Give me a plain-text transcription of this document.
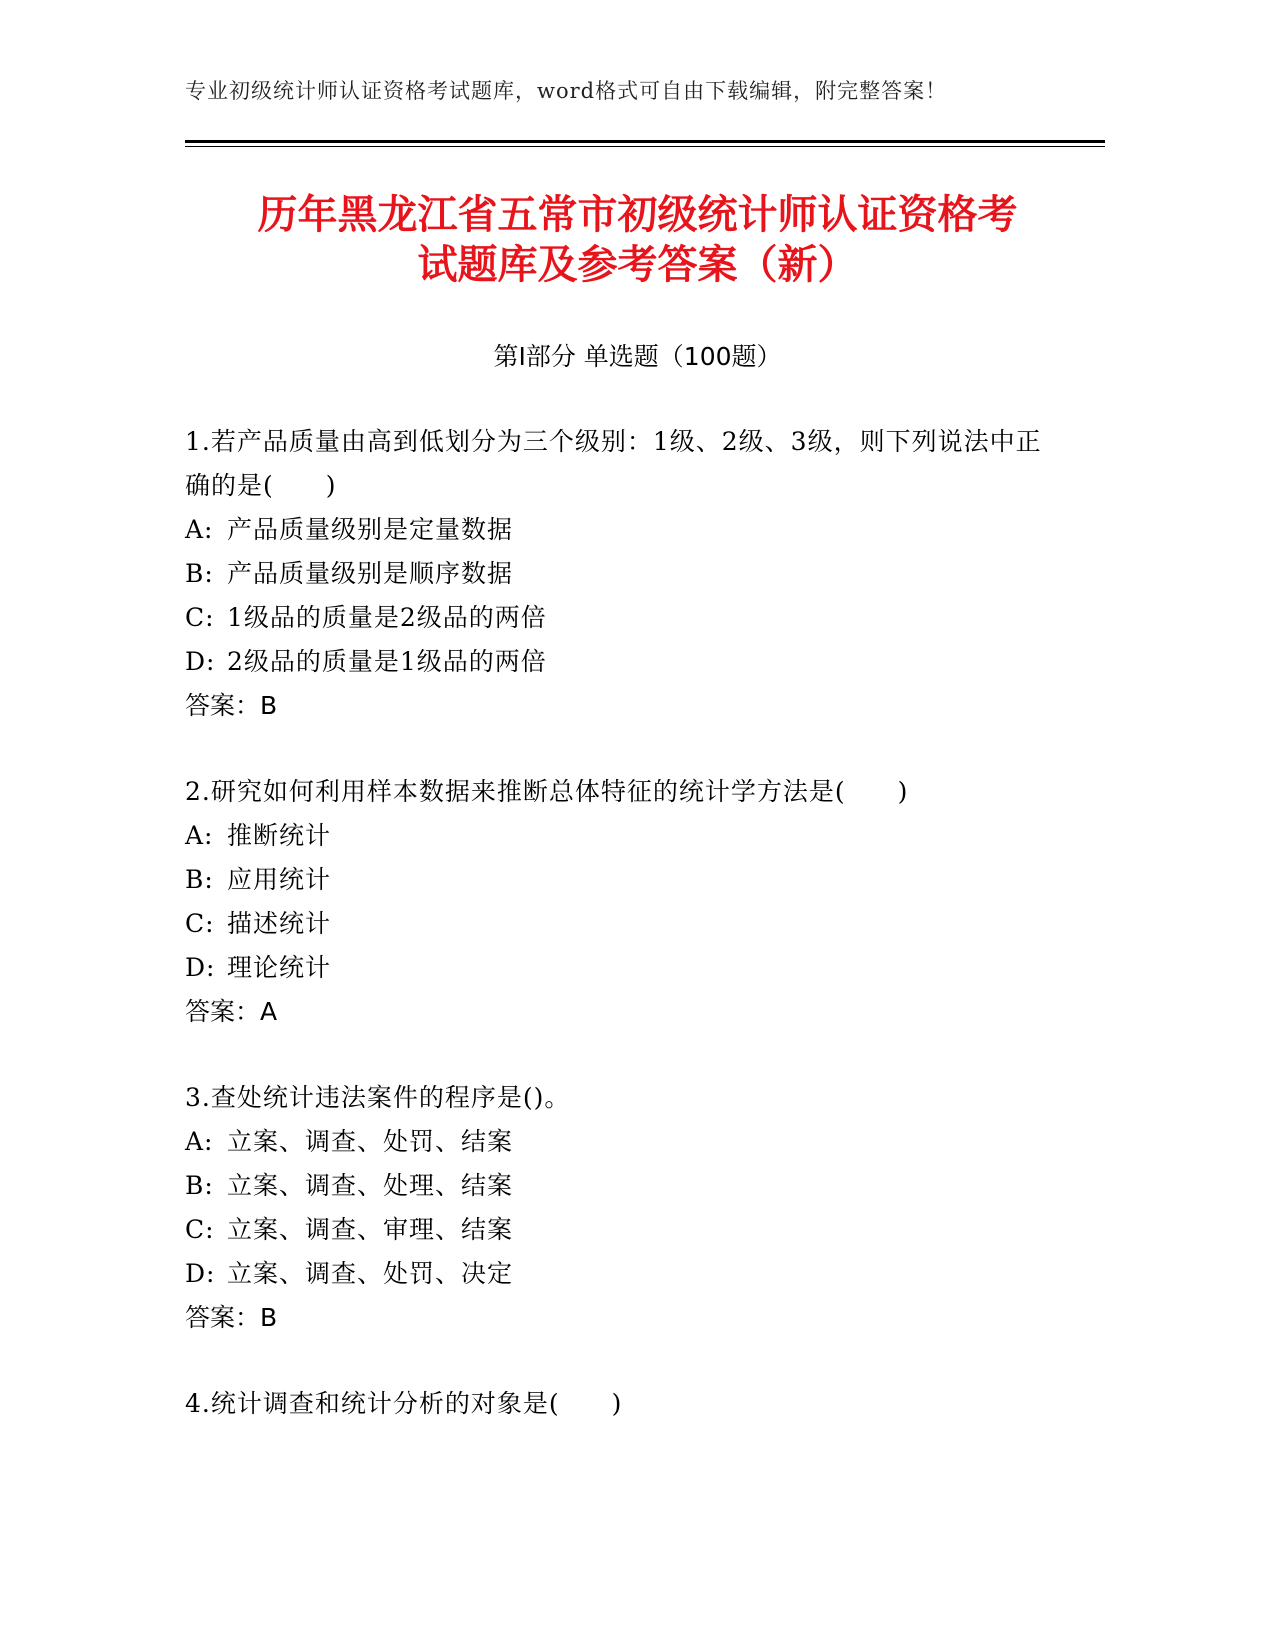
专业初级统计师认证资格考试题库，word格式可自由下载编辑，附完整答案！
历年黑龙江省五常市初级统计师认证资格考
试题库及参考答案（新）
第Ⅰ部分 单选题（100题）
1.若产品质量由高到低划分为三个级别：1级、2级、3级，则下列说法中正确的是(　　)
A: 产品质量级别是定量数据
B: 产品质量级别是顺序数据
C: 1级品的质量是2级品的两倍
D: 2级品的质量是1级品的两倍
答案：B
2.研究如何利用样本数据来推断总体特征的统计学方法是(　　)
A: 推断统计
B: 应用统计
C: 描述统计
D: 理论统计
答案：A
3.查处统计违法案件的程序是()。
A: 立案、调查、处罚、结案
B: 立案、调查、处理、结案
C: 立案、调查、审理、结案
D: 立案、调查、处罚、决定
答案：B
4.统计调查和统计分析的对象是(　　)
